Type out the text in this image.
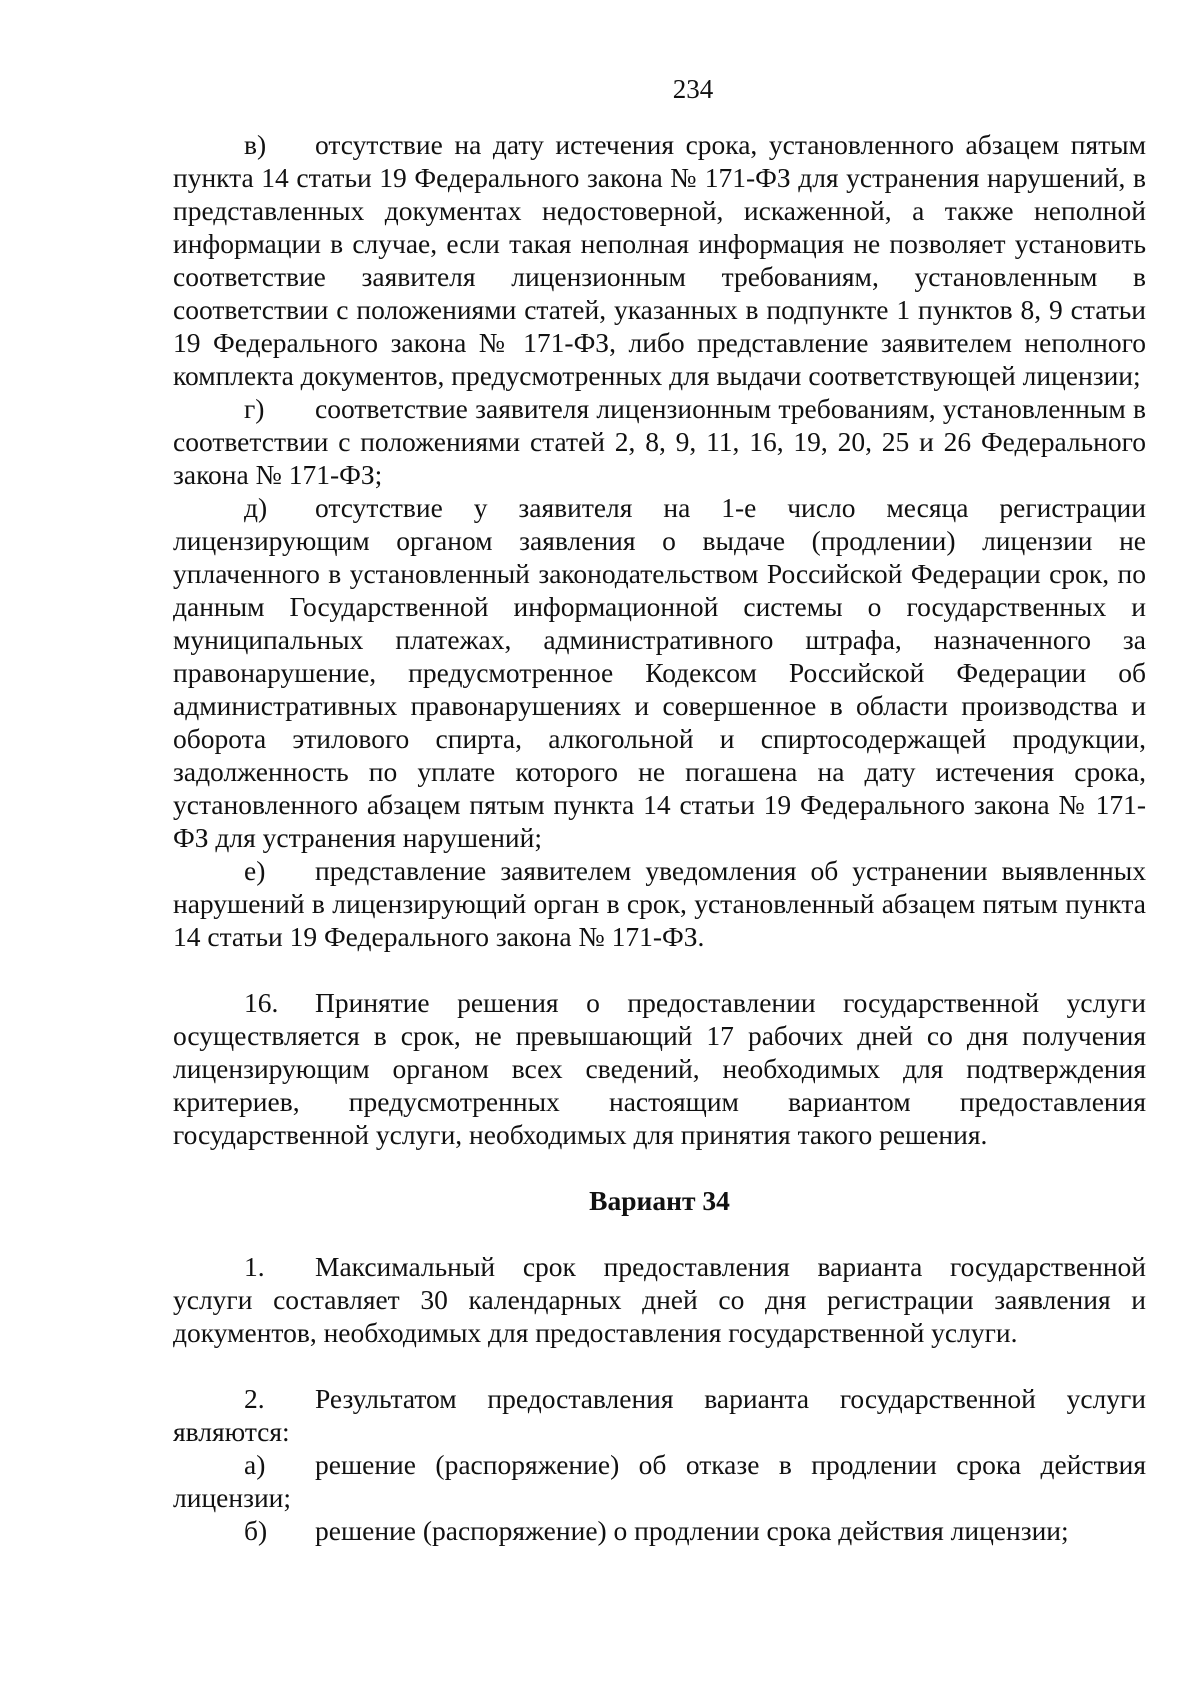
234

в) отсутствие на дату истечения срока, установленного абзацем пятым пункта 14 статьи 19 Федерального закона № 171-ФЗ для устранения нарушений, в представленных документах недостоверной, искаженной, а также неполной информации в случае, если такая неполная информация не позволяет установить соответствие заявителя лицензионным требованиям, установленным в соответствии с положениями статей, указанных в подпункте 1 пунктов 8, 9 статьи 19 Федерального закона № 171-ФЗ, либо представление заявителем неполного комплекта документов, предусмотренных для выдачи соответствующей лицензии;

г) соответствие заявителя лицензионным требованиям, установленным в соответствии с положениями статей 2, 8, 9, 11, 16, 19, 20, 25 и 26 Федерального закона № 171-ФЗ;

д) отсутствие у заявителя на 1-е число месяца регистрации лицензирующим органом заявления о выдаче (продлении) лицензии не уплаченного в установленный законодательством Российской Федерации срок, по данным Государственной информационной системы о государственных и муниципальных платежах, административного штрафа, назначенного за правонарушение, предусмотренное Кодексом Российской Федерации об административных правонарушениях и совершенное в области производства и оборота этилового спирта, алкогольной и спиртосодержащей продукции, задолженность по уплате которого не погашена на дату истечения срока, установленного абзацем пятым пункта 14 статьи 19 Федерального закона № 171-ФЗ для устранения нарушений;

е) представление заявителем уведомления об устранении выявленных нарушений в лицензирующий орган в срок, установленный абзацем пятым пункта 14 статьи 19 Федерального закона № 171-ФЗ.

16. Принятие решения о предоставлении государственной услуги осуществляется в срок, не превышающий 17 рабочих дней со дня получения лицензирующим органом всех сведений, необходимых для подтверждения критериев, предусмотренных настоящим вариантом предоставления государственной услуги, необходимых для принятия такого решения.

Вариант 34

1. Максимальный срок предоставления варианта государственной услуги составляет 30 календарных дней со дня регистрации заявления и документов, необходимых для предоставления государственной услуги.

2. Результатом предоставления варианта государственной услуги являются:

а) решение (распоряжение) об отказе в продлении срока действия лицензии;

б) решение (распоряжение) о продлении срока действия лицензии;
